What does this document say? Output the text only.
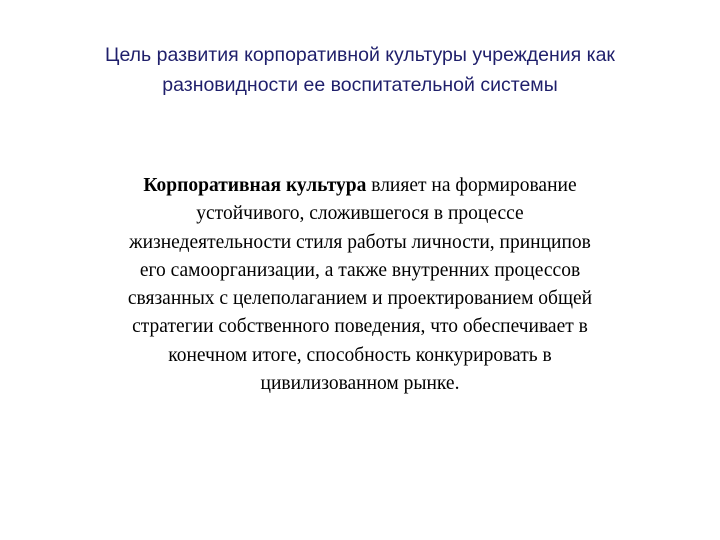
Цель развития корпоративной культуры учреждения как
разновидности ее воспитательной системы
Корпоративная культура влияет на формирование
устойчивого, сложившегося в процессе
жизнедеятельности стиля работы личности, принципов
его самоорганизации, а также внутренних процессов
связанных с целеполаганием и проектированием общей
стратегии собственного поведения, что обеспечивает в
конечном итоге, способность конкурировать в
цивилизованном рынке.
